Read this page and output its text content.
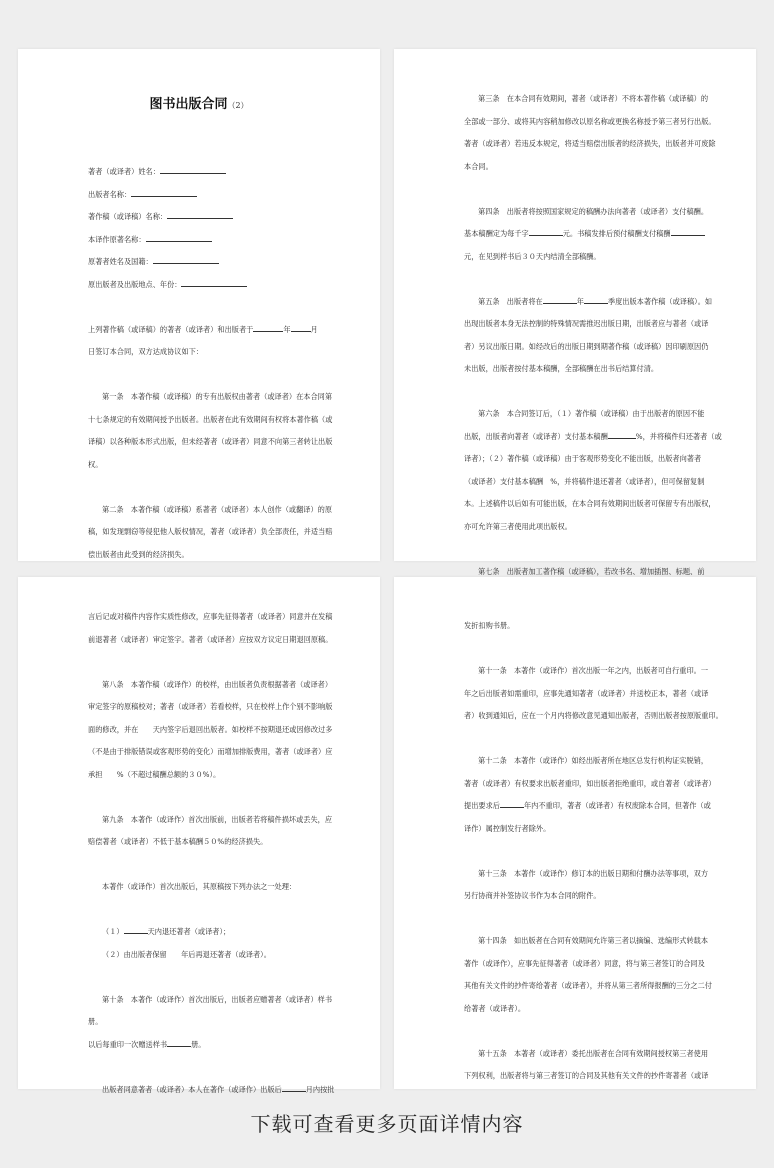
图书出版合同（2）
著者（或译者）姓名：
出版者名称：
著作稿（或译稿）名称：
本译作原著名称：
原著者姓名及国籍：
原出版者及出版地点、年份：
上列著作稿（或译稿）的著者（或译者）和出版者于	年	月
日签订本合同，双方达成协议如下：
第一条　本著作稿（或译稿）的专有出版权由著者（或译者）在本合同第
十七条规定的有效期间授予出版者。出版者在此有效期间有权将本著作稿（或
译稿）以各种版本形式出版，但未经著者（或译者）同意不向第三者转让出版
权。
第二条　本著作稿（或译稿）系著者（或译者）本人创作（或翻译）的原
稿，如发现剽窃等侵犯他人版权情况，著者（或译者）负全部责任，并适当赔
偿出版者由此受到的经济损失。
第三条　在本合同有效期间，著者（或译者）不将本著作稿（或译稿）的
全部或一部分、或将其内容稍加修改以原名称或更换名称授予第三者另行出版。
著者（或译者）若违反本规定，将适当赔偿出版者的经济损失，出版者并可废除
本合同。
第四条　出版者将按照国家规定的稿酬办法向著者（或译者）支付稿酬。
基本稿酬定为每千字	元。书稿发排后预付稿酬支付稿酬
元，在见到样书后３０天内结清全部稿酬。
第五条　出版者将在	年	季度出版本著作稿（或译稿）。如
出现出版者本身无法控制的特殊情况需推迟出版日期，出版者应与著者（或译
者）另议出版日期。如经改后的出版日期到期著作稿（或译稿）因印刷原因仍
未出版，出版者按付基本稿酬，全部稿酬在出书后结算付清。
第六条　本合同签订后，（１）著作稿（或译稿）由于出版者的原因不能
出版，出版者向著者（或译者）支付基本稿酬	%，并将稿件归还著者（或
译者）；（２）著作稿（或译稿）由于客观形势变化不能出版，出版者向著者
（或译者）支付基本稿酬　%，并将稿件退还著者（或译者），但可保留复制
本。上述稿件以后如有可能出版，在本合同有效期间出版者可保留专有出版权，
亦可允许第三者使用此项出版权。
第七条　出版者加工著作稿（或译稿），若改书名、增加插图、标题、前
言后记或对稿件内容作实质性修改，应事先征得著者（或译者）同意并在发稿
前退著者（或译者）审定签字。著者（或译者）应按双方议定日期退回原稿。
第八条　本著作稿（或译作）的校样，由出版者负责根据著者（或译者）
审定签字的原稿校对；著者（或译者）若看校样，只在校样上作个别不影响版
面的修改，并在　　天内签字后退回出版者。如校样不按期退还或因修改过多
（不是由于排版错误或客观形势的变化）而增加排版费用，著者（或译者）应
承担　　%（不超过稿酬总额的３０%）。
第九条　本著作（或译作）首次出版前，出版者若将稿件损坏或丢失，应
赔偿著者（或译者）不低于基本稿酬５０%的经济损失。
本著作（或译作）首次出版后，其原稿按下列办法之一处理：
（１）	天内退还著者（或译者）；
（２）由出版者保留　　年后再退还著者（或译者）。
第十条　本著作（或译作）首次出版后，出版者应赠著者（或译者）样书
册。
以后每重印一次赠送样书	册。
出版者同意著者（或译者）本人在著作（或译作）出版后	月内按批
发折扣购书册。
第十一条　本著作（或译作）首次出版一年之内，出版者可自行重印。一
年之后出版者如需重印，应事先通知著者（或译者）并送校正本，著者（或译
者）收到通知后，应在一个月内将修改意见通知出版者，否则出版者按原版重印。
第十二条　本著作（或译作）如经出版者所在地区总发行机构证实脱销，
著者（或译者）有权要求出版者重印，如出版者拒绝重印，或自著者（或译者）
提出要求后	年内不重印，著者（或译者）有权废除本合同，但著作（或
译作）属控制发行者除外。
第十三条　本著作（或译作）修订本的出版日期和付酬办法等事项，双方
另行协商并补签协议书作为本合同的附件。
第十四条　如出版者在合同有效期间允许第三者以摘编、选编形式转载本
著作（或译作），应事先征得著者（或译者）同意，将与第三者签订的合同及
其他有关文件的抄件寄给著者（或译者），并将从第三者所得报酬的三分之二付
给著者（或译者）。
第十五条　本著者（或译者）委托出版者在合同有效期间授权第三者使用
下列权利，出版者将与第三者签订的合同及其他有关文件的抄件寄著者（或译
下载可查看更多页面详情内容
